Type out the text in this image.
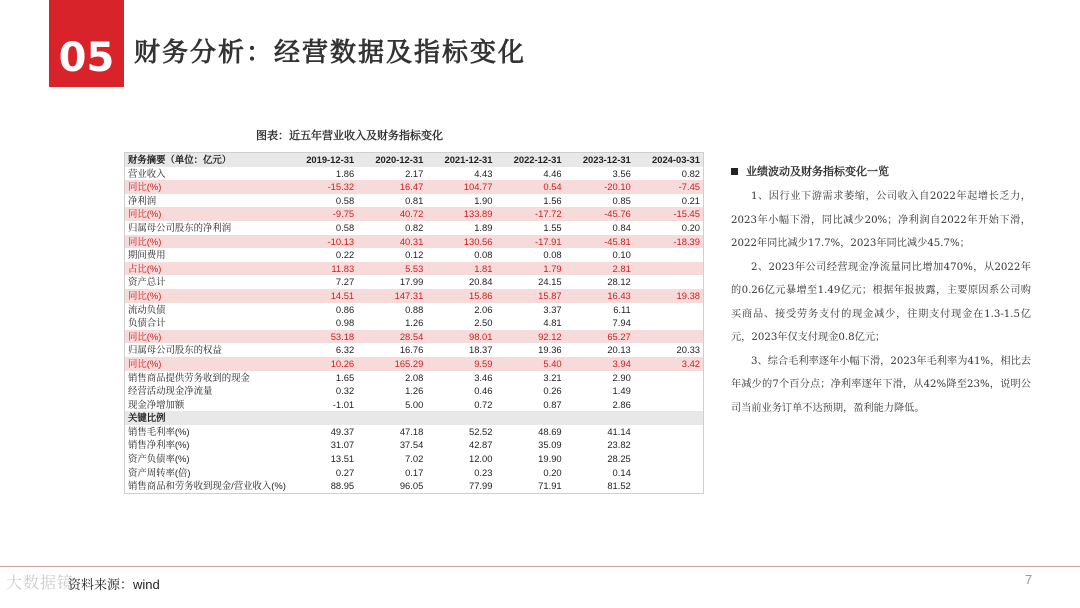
05 财务分析：经营数据及指标变化
图表：近五年营业收入及财务指标变化
财务摘要（单位：亿元）	2019-12-31	2020-12-31	2021-12-31	2022-12-31	2023-12-31	2024-03-31
营业收入	1.86	2.17	4.43	4.46	3.56	0.82
同比(%)	-15.32	16.47	104.77	0.54	-20.10	-7.45
净利润	0.58	0.81	1.90	1.56	0.85	0.21
同比(%)	-9.75	40.72	133.89	-17.72	-45.76	-15.45
归属母公司股东的净利润	0.58	0.82	1.89	1.55	0.84	0.20
同比(%)	-10.13	40.31	130.56	-17.91	-45.81	-18.39
期间费用	0.22	0.12	0.08	0.08	0.10	
占比(%)	11.83	5.53	1.81	1.79	2.81	
资产总计	7.27	17.99	20.84	24.15	28.12	
同比(%)	14.51	147.31	15.86	15.87	16.43	19.38
流动负债	0.86	0.88	2.06	3.37	6.11	
负债合计	0.98	1.26	2.50	4.81	7.94	
同比(%)	53.18	28.54	98.01	92.12	65.27	
归属母公司股东的权益	6.32	16.76	18.37	19.36	20.13	20.33
同比(%)	10.26	165.29	9.59	5.40	3.94	3.42
销售商品提供劳务收到的现金	1.65	2.08	3.46	3.21	2.90	
经营活动现金净流量	0.32	1.26	0.46	0.26	1.49	
现金净增加额	-1.01	5.00	0.72	0.87	2.86	
关键比例						
销售毛利率(%)	49.37	47.18	52.52	48.69	41.14	
销售净利率(%)	31.07	37.54	42.87	35.09	23.82	
资产负债率(%)	13.51	7.02	12.00	19.90	28.25	
资产周转率(倍)	0.27	0.17	0.23	0.20	0.14	
销售商品和劳务收到现金/营业收入(%)	88.95	96.05	77.99	71.91	81.52	
业绩波动及财务指标变化一览

1、因行业下游需求萎缩，公司收入自2022年起增长乏力，2023年小幅下滑，同比减少20%；净利润自2022年开始下滑，2022年同比减少17.7%，2023年同比减少45.7%；

2、2023年公司经营现金净流量同比增加470%，从2022年的0.26亿元暴增至1.49亿元；根据年报披露，主要原因系公司购买商品、接受劳务支付的现金减少，往期支付现金在1.3-1.5亿元，2023年仅支付现金0.8亿元；

3、综合毛利率逐年小幅下滑，2023年毛利率为41%，相比去年减少的7个百分点；净利率逐年下滑，从42%降至23%，说明公司当前业务订单不达预期，盈利能力降低。

大数据镜
资料来源：wind	7
